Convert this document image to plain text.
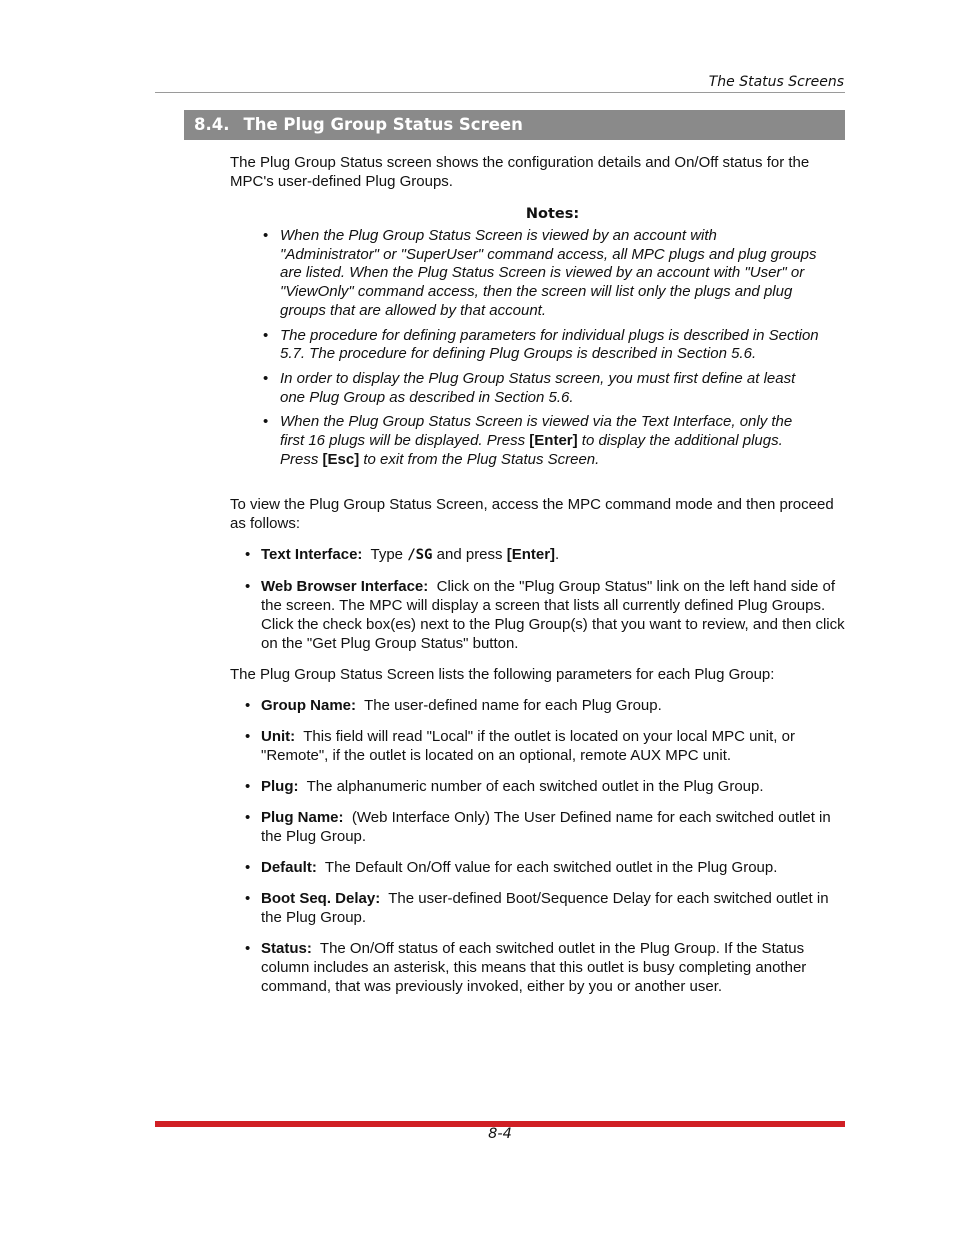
The Status Screens
8.4. The Plug Group Status Screen

The Plug Group Status screen shows the configuration details and On/Off status for the MPC's user-defined Plug Groups.

Notes:
• When the Plug Group Status Screen is viewed by an account with "Administrator" or "SuperUser" command access, all MPC plugs and plug groups are listed. When the Plug Status Screen is viewed by an account with "User" or "ViewOnly" command access, then the screen will list only the plugs and plug groups that are allowed by that account.
• The procedure for defining parameters for individual plugs is described in Section 5.7. The procedure for defining Plug Groups is described in Section 5.6.
• In order to display the Plug Group Status screen, you must first define at least one Plug Group as described in Section 5.6.
• When the Plug Group Status Screen is viewed via the Text Interface, only the first 16 plugs will be displayed. Press [Enter] to display the additional plugs. Press [Esc] to exit from the Plug Status Screen.

To view the Plug Group Status Screen, access the MPC command mode and then proceed as follows:

• Text Interface: Type /SG and press [Enter].
• Web Browser Interface: Click on the "Plug Group Status" link on the left hand side of the screen. The MPC will display a screen that lists all currently defined Plug Groups. Click the check box(es) next to the Plug Group(s) that you want to review, and then click on the "Get Plug Group Status" button.

The Plug Group Status Screen lists the following parameters for each Plug Group:

• Group Name: The user-defined name for each Plug Group.
• Unit: This field will read "Local" if the outlet is located on your local MPC unit, or "Remote", if the outlet is located on an optional, remote AUX MPC unit.
• Plug: The alphanumeric number of each switched outlet in the Plug Group.
• Plug Name: (Web Interface Only) The User Defined name for each switched outlet in the Plug Group.
• Default: The Default On/Off value for each switched outlet in the Plug Group.
• Boot Seq. Delay: The user-defined Boot/Sequence Delay for each switched outlet in the Plug Group.
• Status: The On/Off status of each switched outlet in the Plug Group. If the Status column includes an asterisk, this means that this outlet is busy completing another command, that was previously invoked, either by you or another user.
8-4
